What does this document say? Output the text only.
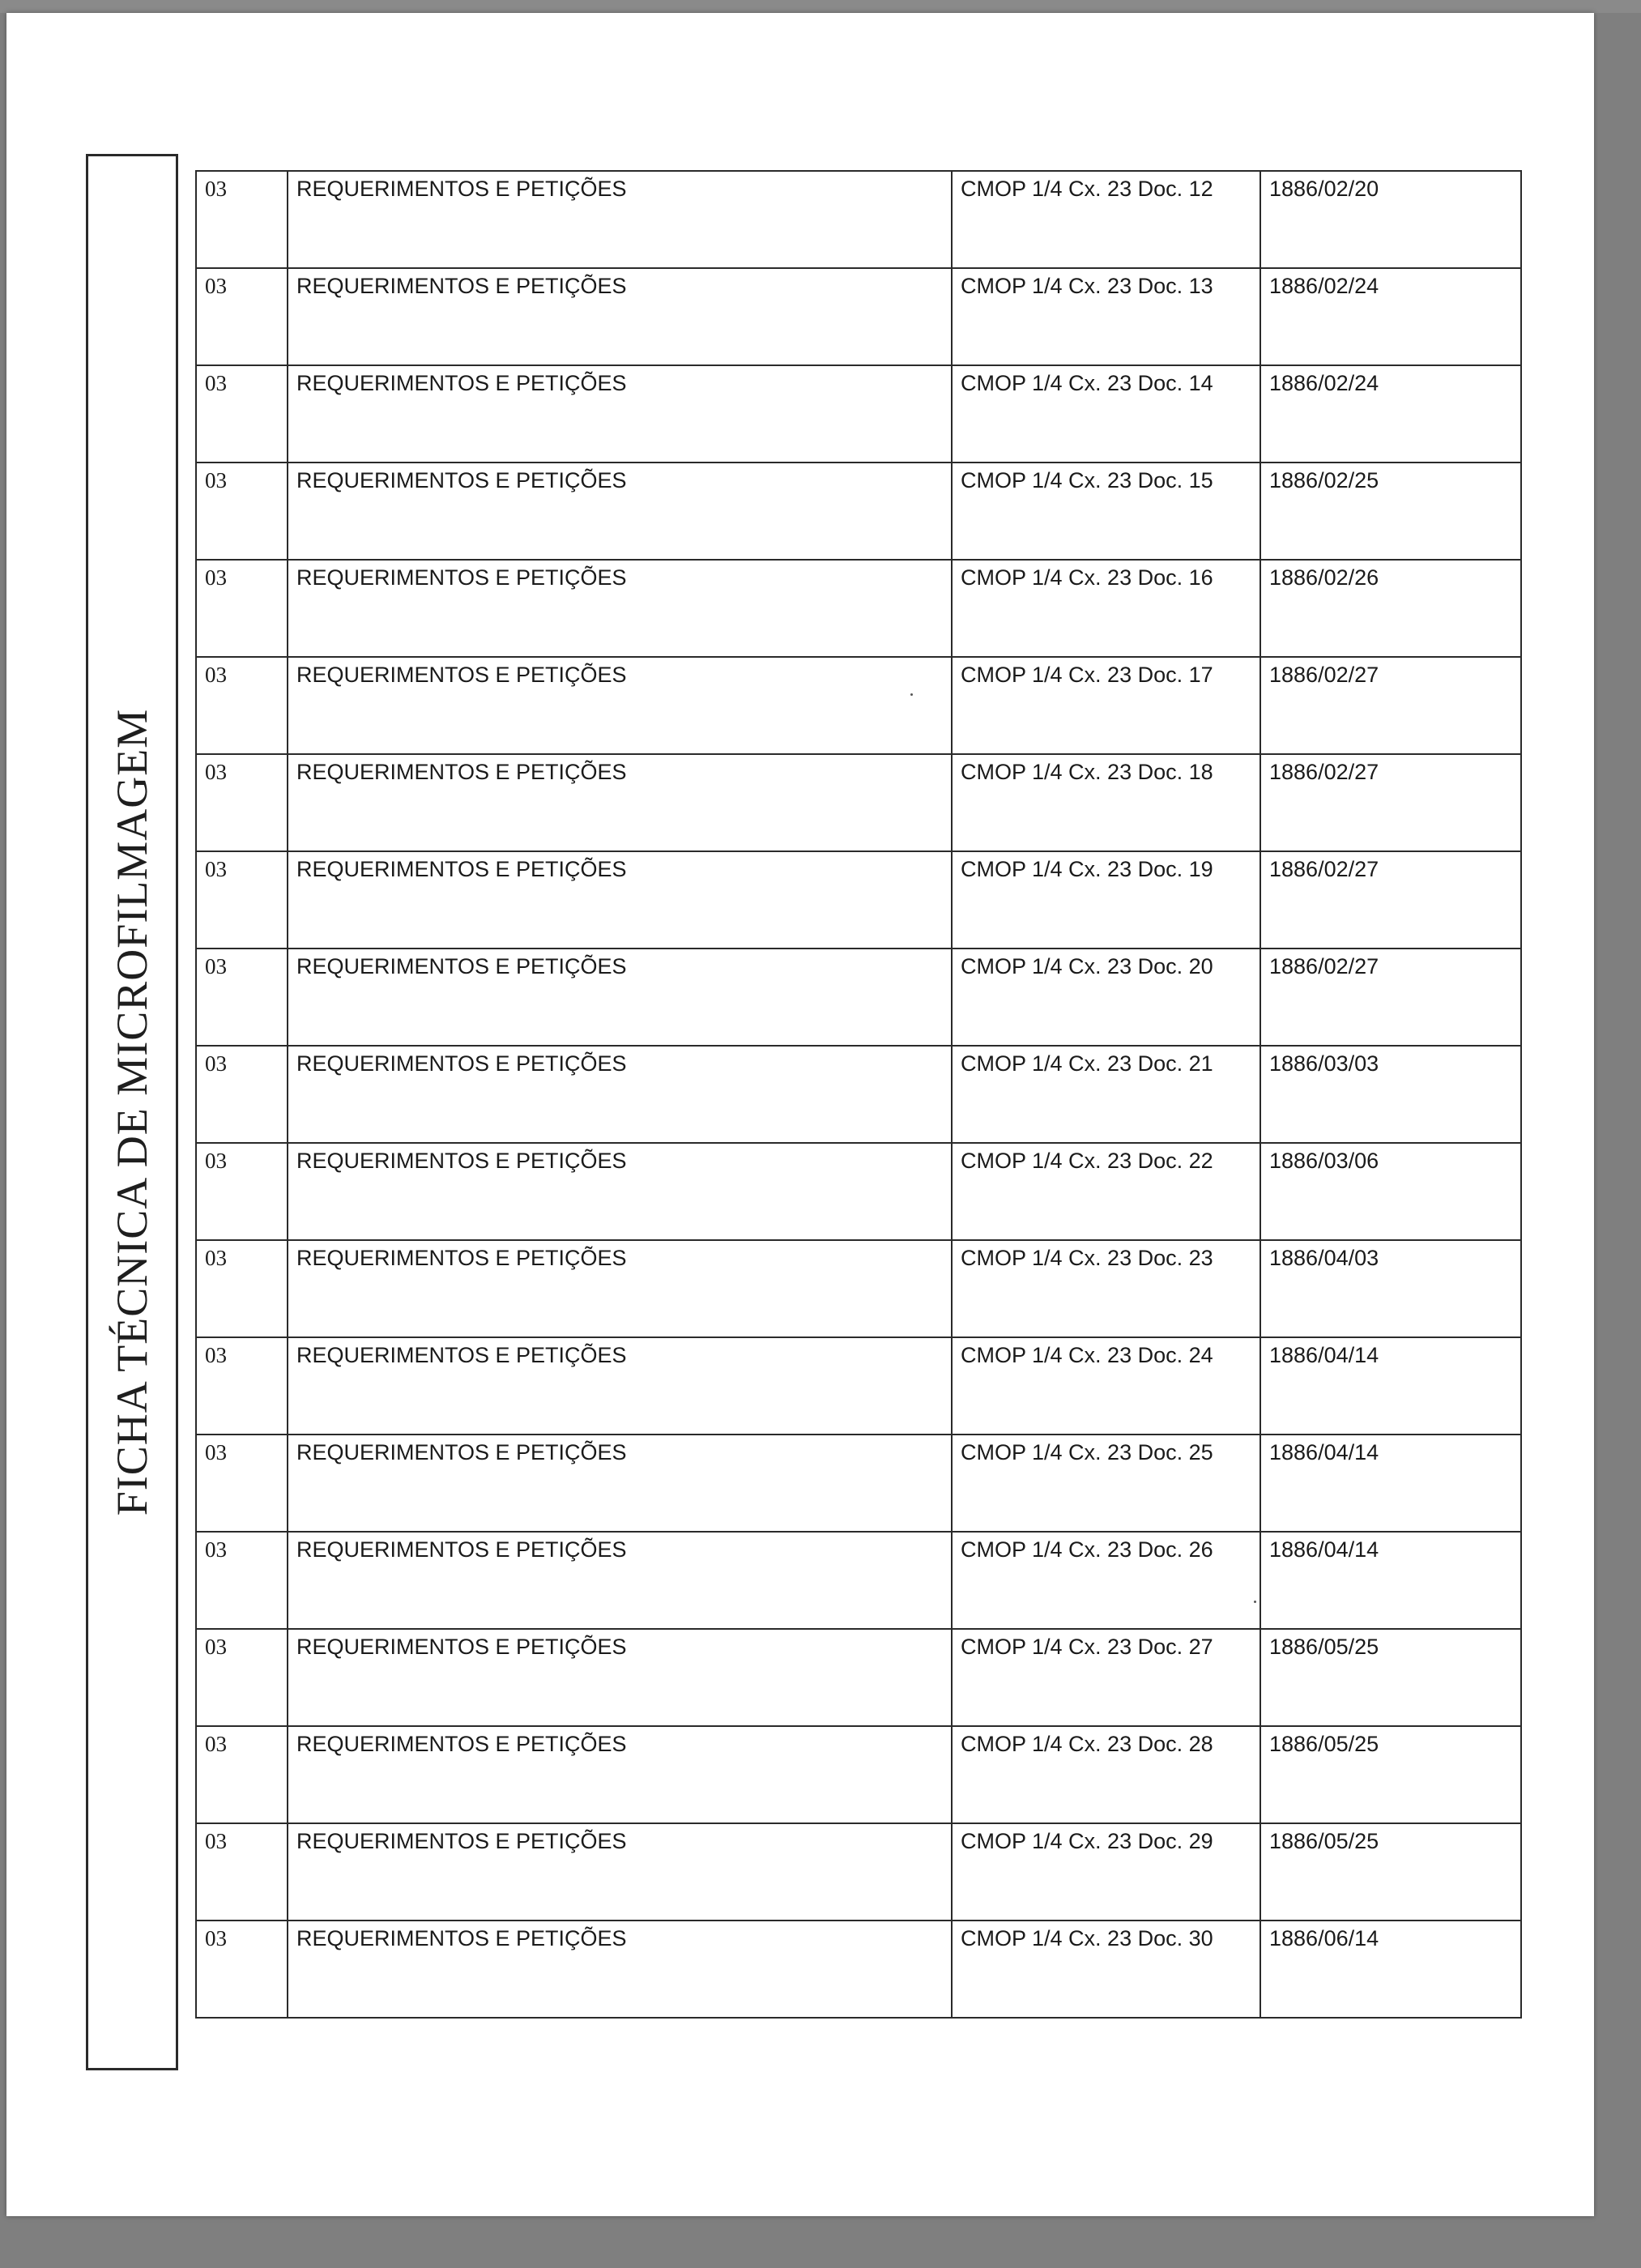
FICHA TÉCNICA DE MICROFILMAGEM
03	REQUERIMENTOS E PETIÇÕES	CMOP 1/4 Cx. 23 Doc. 12	1886/02/20
03	REQUERIMENTOS E PETIÇÕES	CMOP 1/4 Cx. 23 Doc. 13	1886/02/24
03	REQUERIMENTOS E PETIÇÕES	CMOP 1/4 Cx. 23 Doc. 14	1886/02/24
03	REQUERIMENTOS E PETIÇÕES	CMOP 1/4 Cx. 23 Doc. 15	1886/02/25
03	REQUERIMENTOS E PETIÇÕES	CMOP 1/4 Cx. 23 Doc. 16	1886/02/26
03	REQUERIMENTOS E PETIÇÕES	CMOP 1/4 Cx. 23 Doc. 17	1886/02/27
03	REQUERIMENTOS E PETIÇÕES	CMOP 1/4 Cx. 23 Doc. 18	1886/02/27
03	REQUERIMENTOS E PETIÇÕES	CMOP 1/4 Cx. 23 Doc. 19	1886/02/27
03	REQUERIMENTOS E PETIÇÕES	CMOP 1/4 Cx. 23 Doc. 20	1886/02/27
03	REQUERIMENTOS E PETIÇÕES	CMOP 1/4 Cx. 23 Doc. 21	1886/03/03
03	REQUERIMENTOS E PETIÇÕES	CMOP 1/4 Cx. 23 Doc. 22	1886/03/06
03	REQUERIMENTOS E PETIÇÕES	CMOP 1/4 Cx. 23 Doc. 23	1886/04/03
03	REQUERIMENTOS E PETIÇÕES	CMOP 1/4 Cx. 23 Doc. 24	1886/04/14
03	REQUERIMENTOS E PETIÇÕES	CMOP 1/4 Cx. 23 Doc. 25	1886/04/14
03	REQUERIMENTOS E PETIÇÕES	CMOP 1/4 Cx. 23 Doc. 26	1886/04/14
03	REQUERIMENTOS E PETIÇÕES	CMOP 1/4 Cx. 23 Doc. 27	1886/05/25
03	REQUERIMENTOS E PETIÇÕES	CMOP 1/4 Cx. 23 Doc. 28	1886/05/25
03	REQUERIMENTOS E PETIÇÕES	CMOP 1/4 Cx. 23 Doc. 29	1886/05/25
03	REQUERIMENTOS E PETIÇÕES	CMOP 1/4 Cx. 23 Doc. 30	1886/06/14
